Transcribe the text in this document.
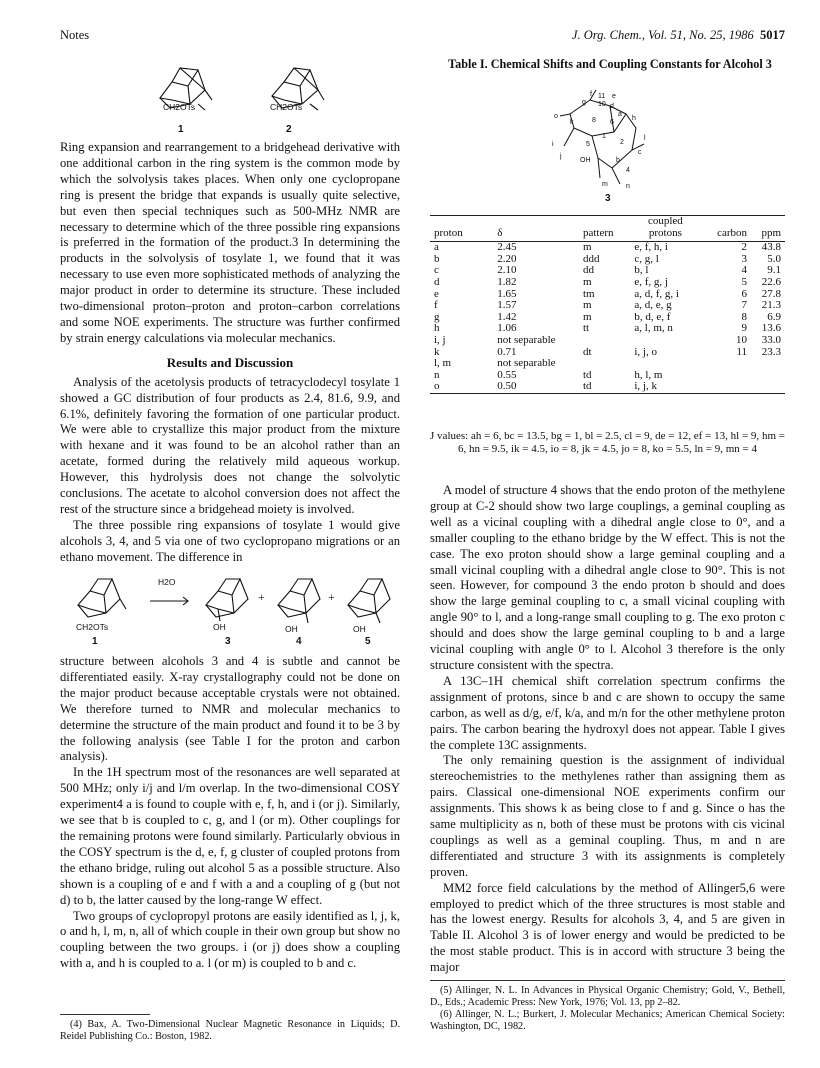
Notes	J. Org. Chem., Vol. 51, No. 25, 1986 5017
CH2OTs	CH2OTs
1	2

Ring expansion and rearrangement to a bridgehead derivative with one additional carbon in the ring system is the common mode by which the solvolysis takes places. When only one cyclopropane ring is present the bridge that expands is usually quite selective, but even then special techniques such as 500-MHz NMR are necessary to determine which of the three possible ring expansions is preferred in the formation of the product.3 In determining the products in the solvolysis of tosylate 1, we found that it was necessary to use even more sophisticated methods of analyzing the major product in order to determine its structure. These included two-dimensional proton–proton and proton–carbon correlations and some NOE experiments. The structure was further confirmed by strain energy calculations via molecular mechanics.

Results and Discussion

Analysis of the acetolysis products of tetracyclodecyl tosylate 1 showed a GC distribution of four products as 2.4, 81.6, 9.9, and 6.1%, definitely favoring the formation of one particular product. We were able to crystallize this major product from the mixture with hexane and it was found to be an alcohol rather than an acetate, formed during the relatively mild aqueous workup. However, this hydrolysis does not change the solvolytic conclusions. The acetate to alcohol conversion does not affect the rest of the structure since a bridgehead moiety is involved.

The three possible ring expansions of tosylate 1 would give alcohols 3, 4, and 5 via one of two cyclopropano migrations or an ethano movement. The difference in

H2O
CH2OTs	OH	OH	OH
+	+
1	3	4	5

structure between alcohols 3 and 4 is subtle and cannot be differentiated easily. X-ray crystallography could not be done on the major product because acceptable crystals were not obtained. We therefore turned to NMR and molecular mechanics to determine the structure of the main product and found it to be 3 by the following analysis (see Table I for the proton and carbon analysis).

In the 1H spectrum most of the resonances are well separated at 500 MHz; only i/j and l/m overlap. In the two-dimensional COSY experiment4 a is found to couple with e, f, h, and i (or j). Similarly, we see that b is coupled to c, g, and l (or m). Other couplings for the remaining protons were found similarly. Particularly obvious in the COSY spectrum is the d, e, f, g cluster of coupled protons from the ethano bridge, ruling out alcohol 5 as a possible structure. Also shown is a coupling of e and f with a and a coupling of g (but not d) to b, the latter caused by the long-range W effect.

Two groups of cyclopropyl protons are easily identified as l, j, k, o and h, l, m, n, all of which couple in their own group but show no coupling between the two groups. i (or j) does show a coupling with a, and h is coupled to a. l (or m) is coupled to b and c.

(4) Bax, A. Two-Dimensional Nuclear Magnetic Resonance in Liquids; D. Reidel Publishing Co.: Boston, 1982.

Table I. Chemical Shifts and Coupling Constants for Alcohol 3
f 11 e
g 10 d
a
o
k	8	h
6
2
l
1
i	5
c
j
OH	b
4
m	n
3
proton	δ	pattern	coupled protons	carbon	ppm
a	2.45	m	e, f, h, i	2	43.8
b	2.20	ddd	c, g, l	3	5.0
c	2.10	dd	b, l	4	9.1
d	1.82	m	e, f, g, j	5	22.6
e	1.65	tm	a, d, f, g, i	6	27.8
f	1.57	m	a, d, e, g	7	21.3
g	1.42	m	b, d, e, f	8	6.9
h	1.06	tt	a, l, m, n	9	13.6
i, j	not separable			10	33.0
k	0.71	dt	i, j, o	11	23.3
l, m	not separable				
n	0.55	td	h, l, m		
o	0.50	td	i, j, k		
J values: ah = 6, bc = 13.5, bg = 1, bl = 2.5, cl = 9, de = 12, ef = 13, hl = 9, hm = 6, hn = 9.5, ik = 4.5, io = 8, jk = 4.5, jo = 8, ko = 5.5, ln = 9, mn = 4

A model of structure 4 shows that the endo proton of the methylene group at C-2 should show two large couplings, a geminal coupling as well as a vicinal coupling with a dihedral angle close to 0°, and a smaller coupling to the ethano bridge by the W effect. This is not the case. The exo proton should show a large geminal coupling and a small vicinal coupling with a dihedral angle close to 90°. This is not seen. However, for compound 3 the endo proton b should and does show the large geminal coupling to c, a small vicinal coupling with angle 90° to l, and a long-range small coupling to g. The exo proton c should and does show the large geminal coupling to b and a large vicinal coupling with angle 0° to l. Alcohol 3 therefore is the only structure consistent with the spectra.

A 13C–1H chemical shift correlation spectrum confirms the assignment of protons, since b and c are shown to occupy the same carbon, as well as d/g, e/f, k/a, and m/n for the other methylene proton pairs. The carbon bearing the hydroxyl does not appear. Table I gives the complete 13C assignments.

The only remaining question is the assignment of individual stereochemistries to the methylenes rather than assigning them as pairs. Classical one-dimensional NOE experiments confirm our assignments. This shows k as being close to f and g. Since o has the same multiplicity as n, both of these must be protons with cis vicinal couplings as well as a geminal coupling. Thus, m and n are differentiated and structure 3 with its assignments is completely proven.

MM2 force field calculations by the method of Allinger5,6 were employed to predict which of the three structures is most stable and has the lowest energy. Results for alcohols 3, 4, and 5 are given in Table II. Alcohol 3 is of lower energy and would be predicted to be the most stable product. This is in accord with structure 3 being the major

(5) Allinger, N. L. In Advances in Physical Organic Chemistry; Gold, V., Bethell, D., Eds.; Academic Press: New York, 1976; Vol. 13, pp 2–82.

(6) Allinger, N. L.; Burkert, J. Molecular Mechanics; American Chemical Society: Washington, DC, 1982.
